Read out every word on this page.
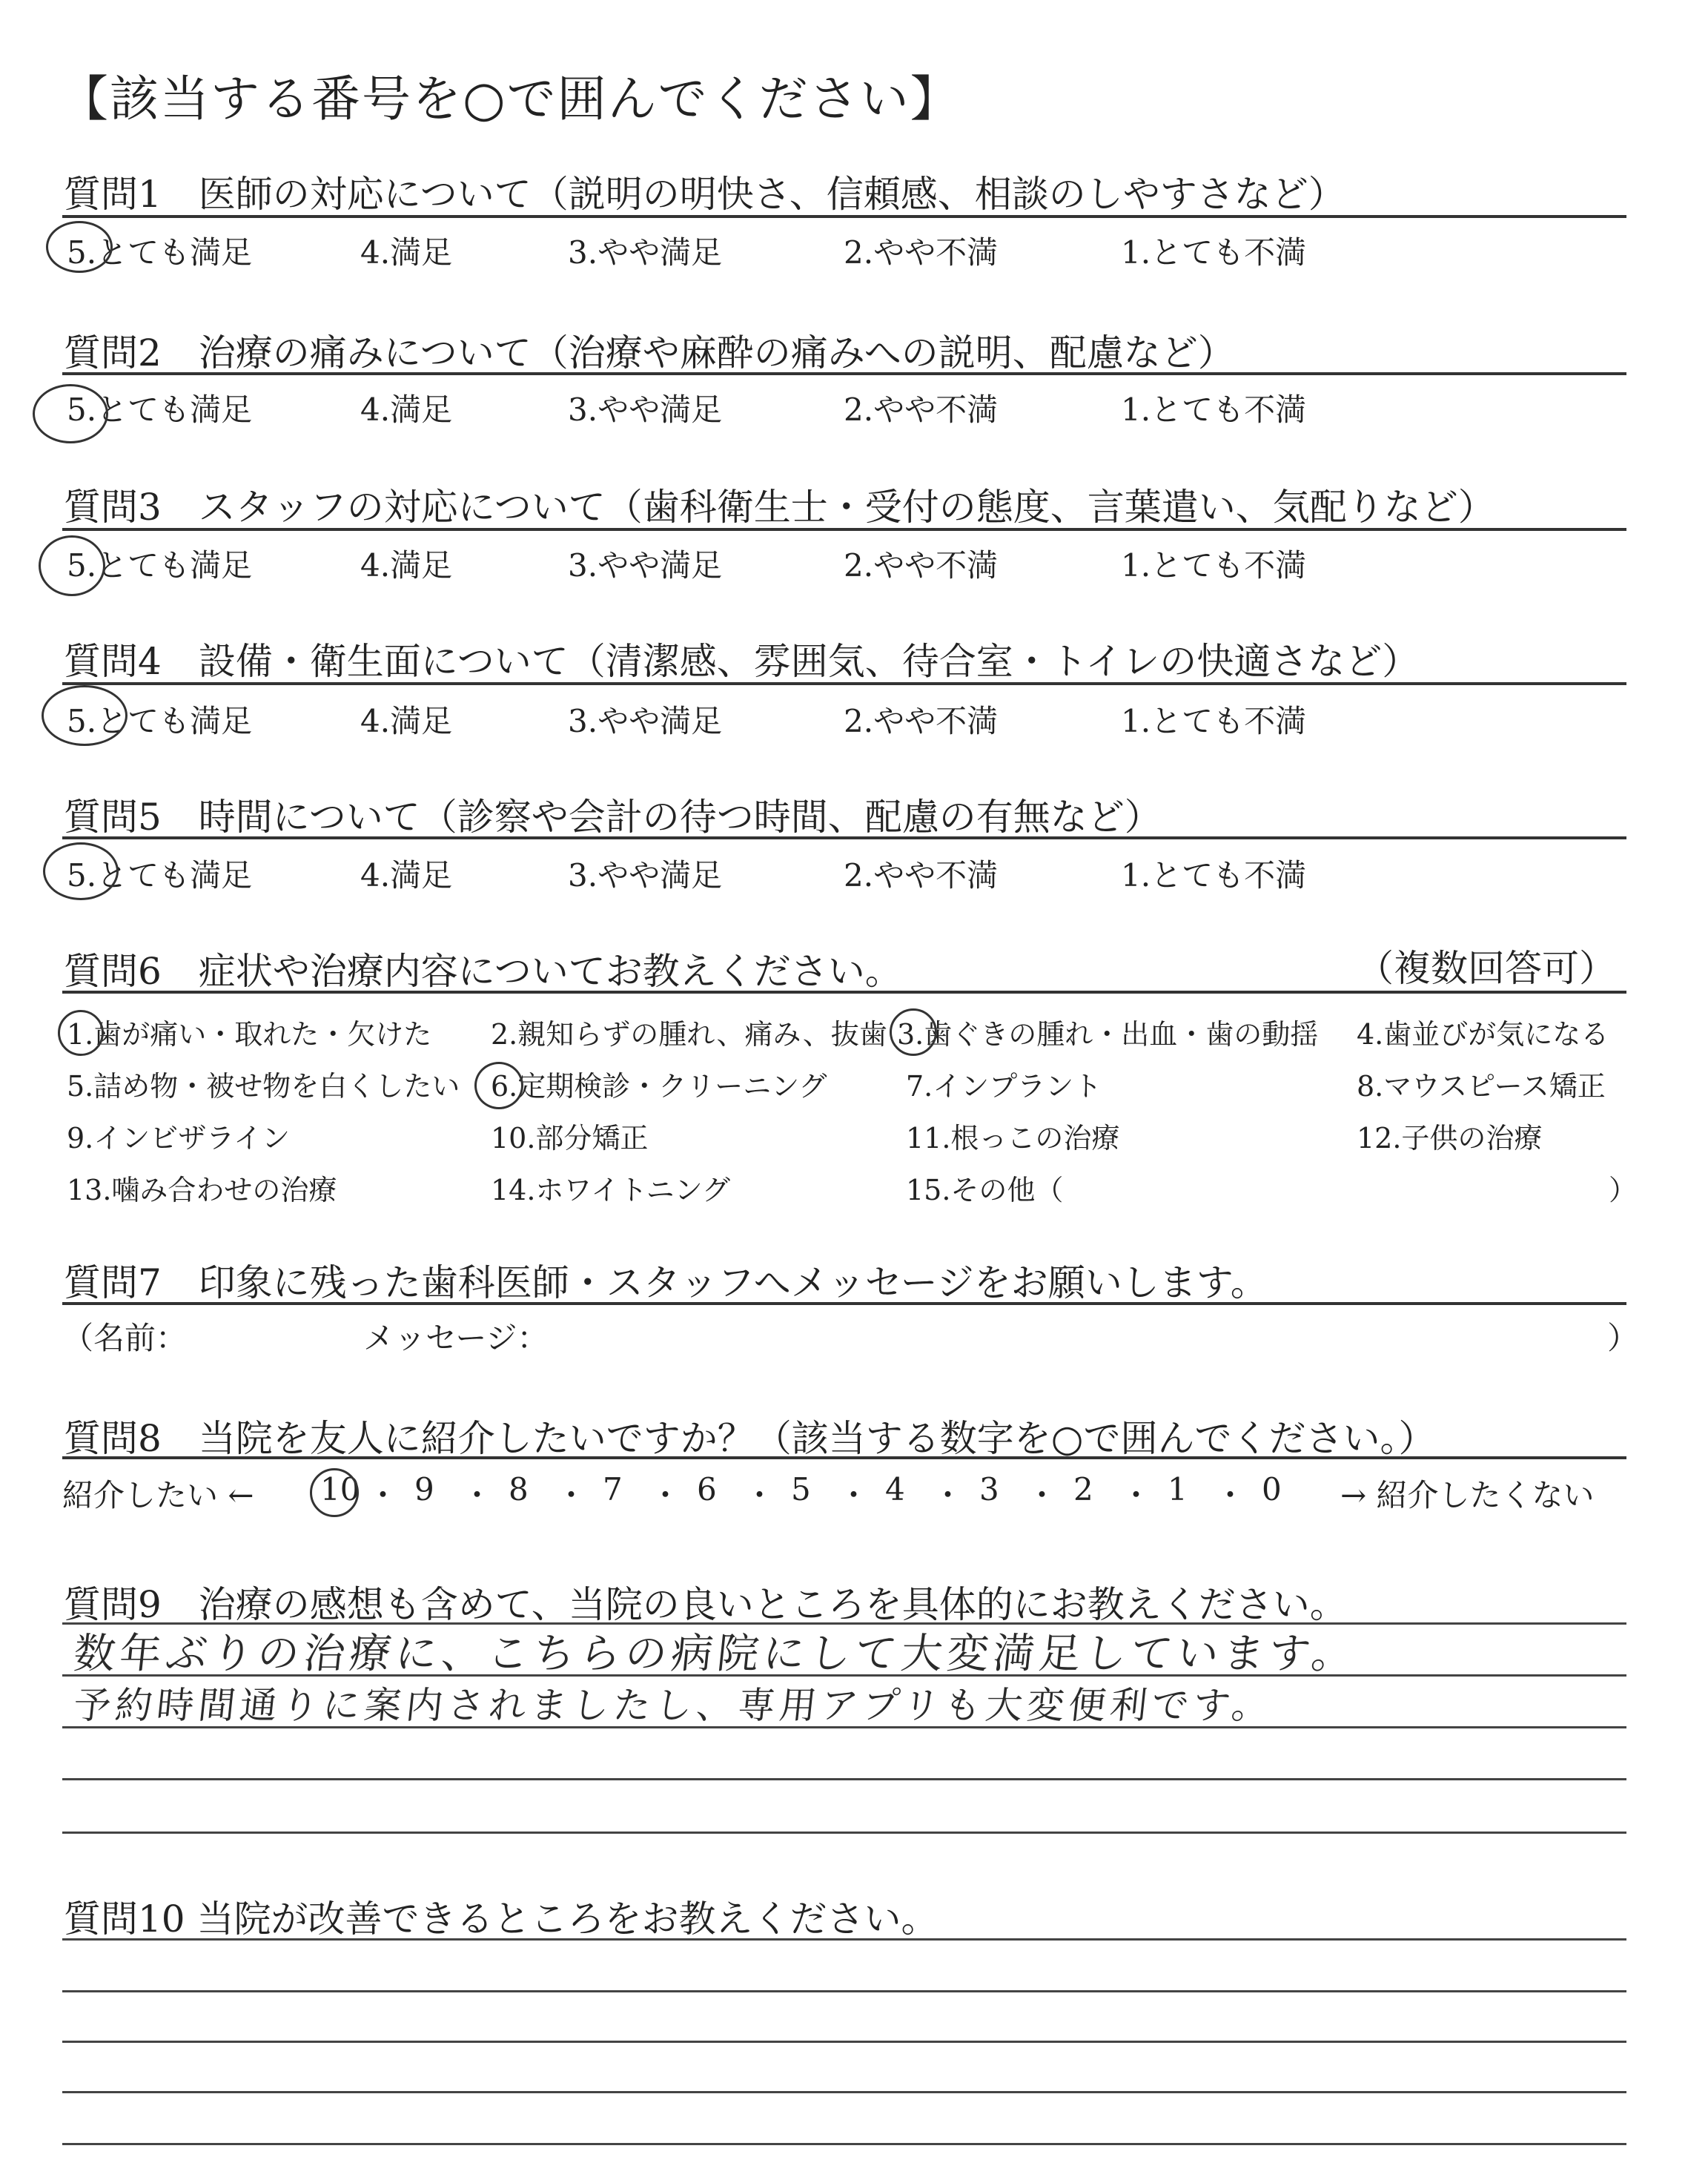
【該当する番号を○で囲んでください】
質問1　医師の対応について（説明の明快さ、信頼感、相談のしやすさなど）
5.とても満足	4.満足	3.やや満足	2.やや不満	1.とても不満
質問2　治療の痛みについて（治療や麻酔の痛みへの説明、配慮など）
5.とても満足	4.満足	3.やや満足	2.やや不満	1.とても不満
質問3　スタッフの対応について（歯科衛生士・受付の態度、言葉遣い、気配りなど）
5.とても満足	4.満足	3.やや満足	2.やや不満	1.とても不満
質問4　設備・衛生面について（清潔感、雰囲気、待合室・トイレの快適さなど）
5.とても満足	4.満足	3.やや満足	2.やや不満	1.とても不満
質問5　時間について（診察や会計の待つ時間、配慮の有無など）
5.とても満足	4.満足	3.やや満足	2.やや不満	1.とても不満
質問6　症状や治療内容についてお教えください。	（複数回答可）
1.歯が痛い・取れた・欠けた 2.親知らずの腫れ、痛み、抜歯 3.歯ぐきの腫れ・出血・歯の動揺 4.歯並びが気になる
5.詰め物・被せ物を白くしたい 6.定期検診・クリーニング	7.インプラント	8.マウスピース矯正
9.インビザライン	10.部分矯正	11.根っこの治療	12.子供の治療
13.噛み合わせの治療	14.ホワイトニング	15.その他（	）
質問7　印象に残った歯科医師・スタッフへメッセージをお願いします。
（名前：	メッセージ：	）
質問8　当院を友人に紹介したいですか？（該当する数字を○で囲んでください。）
紹介したい ←	→ 紹介したくない
10 ・ 9 ・ 8 ・ 7 ・ 6 ・ 5 ・ 4 ・ 3 ・ 2 ・ 1 ・ 0
質問9　治療の感想も含めて、当院の良いところを具体的にお教えください。
数年ぶりの治療に、こちらの病院にして大変満足しています。
予約時間通りに案内されましたし、専用アプリも大変便利です。
質問10 当院が改善できるところをお教えください。
